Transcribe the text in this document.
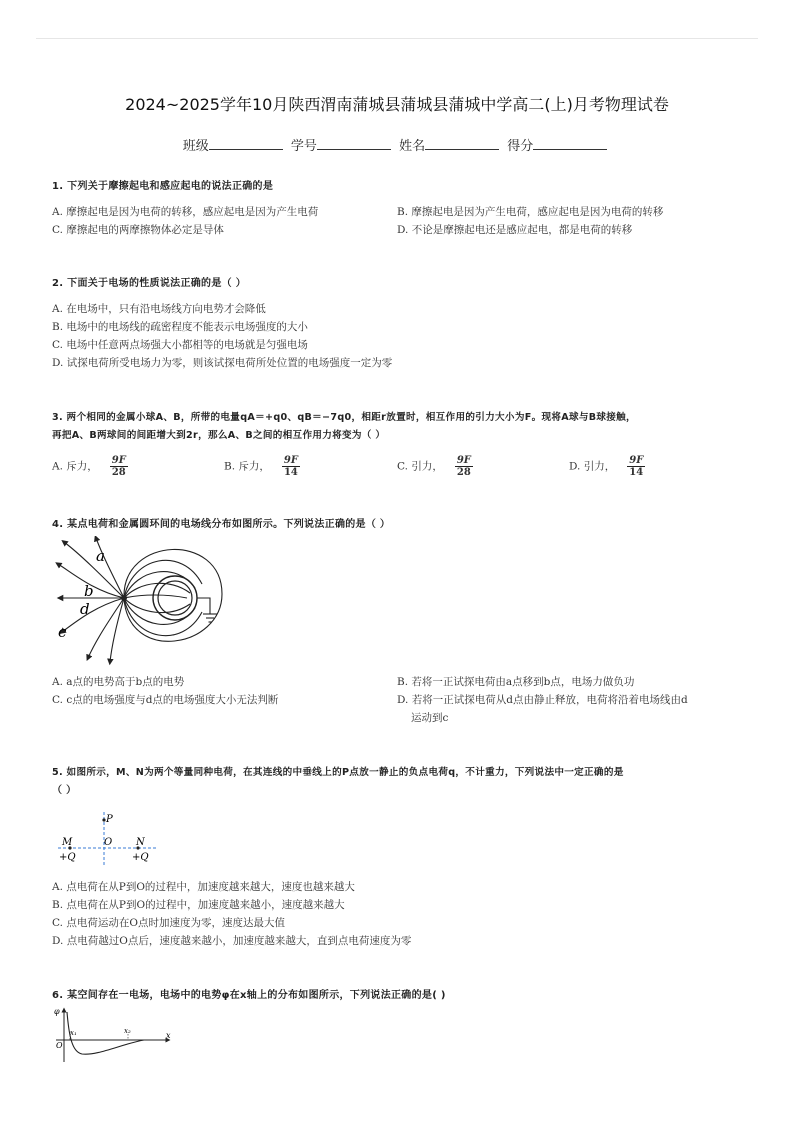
2024~2025学年10月陕西渭南蒲城县蒲城县蒲城中学高二(上)月考物理试卷
班级	学号	姓名	得分
1. 下列关于摩擦起电和感应起电的说法正确的是
A. 摩擦起电是因为电荷的转移，感应起电是因为产生电荷	B. 摩擦起电是因为产生电荷，感应起电是因为电荷的转移
C. 摩擦起电的两摩擦物体必定是导体	D. 不论是摩擦起电还是感应起电，都是电荷的转移
2. 下面关于电场的性质说法正确的是（ ）
A. 在电场中，只有沿电场线方向电势才会降低
B. 电场中的电场线的疏密程度不能表示电场强度的大小
C. 电场中任意两点场强大小都相等的电场就是匀强电场
D. 试探电荷所受电场力为零，则该试探电荷所处位置的电场强度一定为零
3. 两个相同的金属小球A、B，所带的电量qA＝+q0、qB＝−7q0，相距r放置时，相互作用的引力大小为F。现将A球与B球接触，
再把A、B两球间的间距增大到2r，那么A、B之间的相互作用力将变为（ ）
A. 斥力， $\frac{9F}{28}$	B. 斥力， $\frac{9F}{14}$	C. 引力， $\frac{9F}{28}$	D. 引力， $\frac{9F}{14}$
4. 某点电荷和金属圆环间的电场线分布如图所示。下列说法正确的是（ ）
a
b
d
c
A. a点的电势高于b点的电势	B. 若将一正试探电荷由a点移到b点，电场力做负功
C. c点的电场强度与d点的电场强度大小无法判断	D. 若将一正试探电荷从d点由静止释放，电荷将沿着电场线由d
运动到c
5. 如图所示，M、N为两个等量同种电荷，在其连线的中垂线上的P点放一静止的负点电荷q，不计重力，下列说法中一定正确的是
（ ）
P
M	O N
+Q	+Q
A. 点电荷在从P到O的过程中，加速度越来越大，速度也越来越大
B. 点电荷在从P到O的过程中，加速度越来越小，速度越来越大
C. 点电荷运动在O点时加速度为零，速度达最大值
D. 点电荷越过O点后，速度越来越小，加速度越来越大，直到点电荷速度为零
6. 某空间存在一电场，电场中的电势φ在x轴上的分布如图所示，下列说法正确的是( )
φ
O
x₁	x₂	x
